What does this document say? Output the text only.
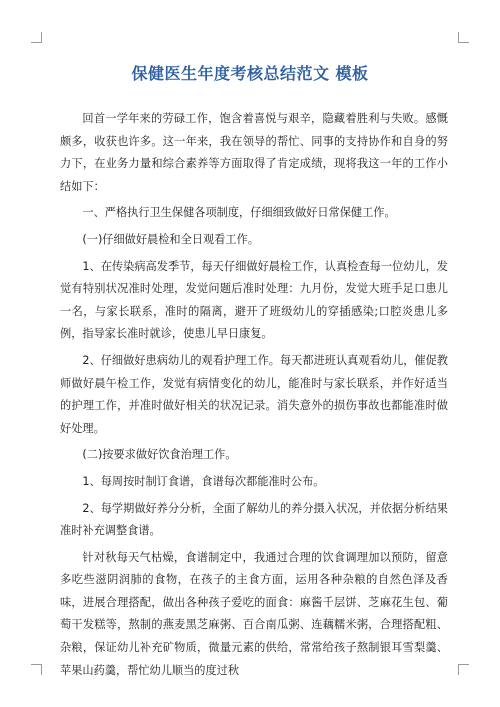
保健医生年度考核总结范文 模板

回首一学年来的劳碌工作，饱含着喜悦与艰辛，隐藏着胜利与失败。感慨颇多，收获也许多。这一年来，我在领导的帮忙、同事的支持协作和自身的努力下，在业务力量和综合素养等方面取得了肯定成绩，现将我这一年的工作小结如下：

一、严格执行卫生保健各项制度，仔细细致做好日常保健工作。

(一)仔细做好晨检和全日观看工作。

1、在传染病高发季节，每天仔细做好晨检工作，认真检查每一位幼儿，发觉有特别状况准时处理，发觉问题后准时处理：九月份，发觉大班手足口患儿一名，与家长联系，准时的隔离，避开了班级幼儿的穿插感染;口腔炎患儿多例，指导家长准时就诊，使患儿早日康复。

2、仔细做好患病幼儿的观看护理工作。每天都进班认真观看幼儿，催促教师做好晨午检工作，发觉有病情变化的幼儿，能准时与家长联系，并作好适当的护理工作，并准时做好相关的状况记录。消失意外的损伤事故也都能准时做好处理。

(二)按要求做好饮食治理工作。

1、每周按时制订食谱，食谱每次都能准时公布。

2、每学期做好养分分析，全面了解幼儿的养分摄入状况，并依据分析结果准时补充调整食谱。

针对秋每天气枯燥，食谱制定中，我通过合理的饮食调理加以预防，留意多吃些滋阴润肺的食物，在孩子的主食方面，运用各种杂粮的自然色泽及香味，进展合理搭配，做出各种孩子爱吃的面食：麻酱千层饼、芝麻花生包、葡萄干发糕等，熬制的燕麦黑芝麻粥、百合南瓜粥、连藕糯米粥，合理搭配粗、杂粮，保证幼儿补充矿物质，微量元素的供给，常常给孩子熬制银耳雪梨羹、苹果山药羹，帮忙幼儿顺当的度过秋
